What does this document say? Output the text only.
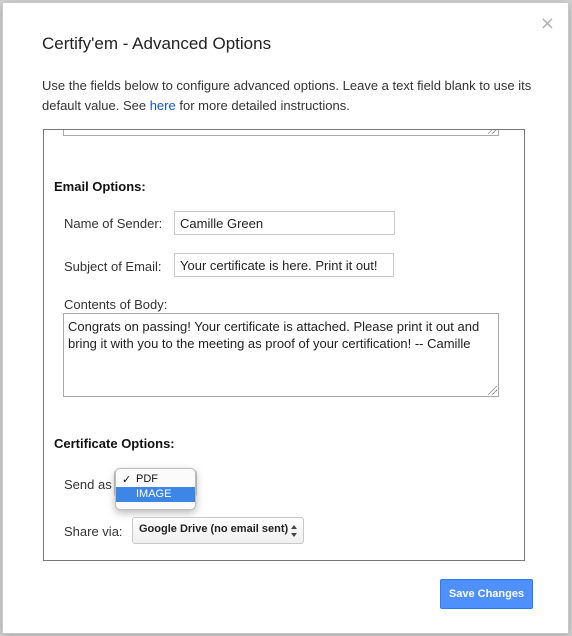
×
Certify'em - Advanced Options
Use the fields below to configure advanced options. Leave a text field blank to use its default value. See here for more detailed instructions.
Email Options:
Name of Sender:
Camille Green
Subject of Email:
Your certificate is here. Print it out!
Contents of Body:
Congrats on passing! Your certificate is attached. Please print it out and bring it with you to the meeting as proof of your certification! -- Camille
Certificate Options:
Send as ✓ PDF
IMAGE
Share via:	Google Drive (no email sent)
Save Changes
